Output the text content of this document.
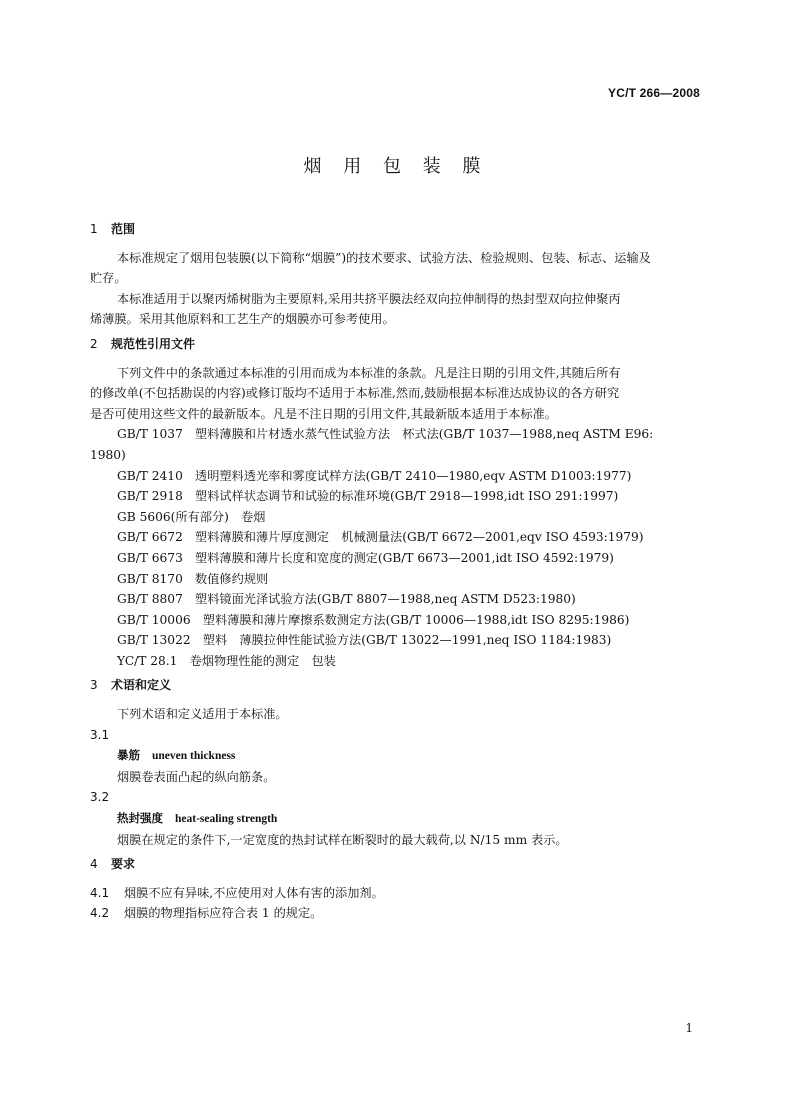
YC/T 266—2008
烟 用 包 装 膜

1 范围

本标准规定了烟用包装膜(以下简称“烟膜”)的技术要求、试验方法、检验规则、包装、标志、运输及

贮存。

本标准适用于以聚丙烯树脂为主要原料,采用共挤平膜法经双向拉伸制得的热封型双向拉伸聚丙

烯薄膜。采用其他原料和工艺生产的烟膜亦可参考使用。

2 规范性引用文件

下列文件中的条款通过本标准的引用而成为本标准的条款。凡是注日期的引用文件,其随后所有

的修改单(不包括勘误的内容)或修订版均不适用于本标准,然而,鼓励根据本标准达成协议的各方研究

是否可使用这些文件的最新版本。凡是不注日期的引用文件,其最新版本适用于本标准。

GB/T 1037　塑料薄膜和片材透水蒸气性试验方法　杯式法(GB/T 1037—1988,neq ASTM E96:

1980)

GB/T 2410　透明塑料透光率和雾度试样方法(GB/T 2410—1980,eqv ASTM D1003:1977)

GB/T 2918　塑料试样状态调节和试验的标准环境(GB/T 2918—1998,idt ISO 291:1997)

GB 5606(所有部分)　卷烟

GB/T 6672　塑料薄膜和薄片厚度测定　机械测量法(GB/T 6672—2001,eqv ISO 4593:1979)

GB/T 6673　塑料薄膜和薄片长度和宽度的测定(GB/T 6673—2001,idt ISO 4592:1979)

GB/T 8170　数值修约规则

GB/T 8807　塑料镜面光泽试验方法(GB/T 8807—1988,neq ASTM D523:1980)

GB/T 10006　塑料薄膜和薄片摩擦系数测定方法(GB/T 10006—1988,idt ISO 8295:1986)

GB/T 13022　塑料　薄膜拉伸性能试验方法(GB/T 13022—1991,neq ISO 1184:1983)

YC/T 28.1　卷烟物理性能的测定　包装

3 术语和定义

下列术语和定义适用于本标准。

3.1

暴筋 uneven thickness

烟膜卷表面凸起的纵向筋条。

3.2

热封强度 heat-sealing strength

烟膜在规定的条件下,一定宽度的热封试样在断裂时的最大载荷,以 N/15 mm 表示。

4 要求

4.1 烟膜不应有异味,不应使用对人体有害的添加剂。

4.2 烟膜的物理指标应符合表 1 的规定。

1
